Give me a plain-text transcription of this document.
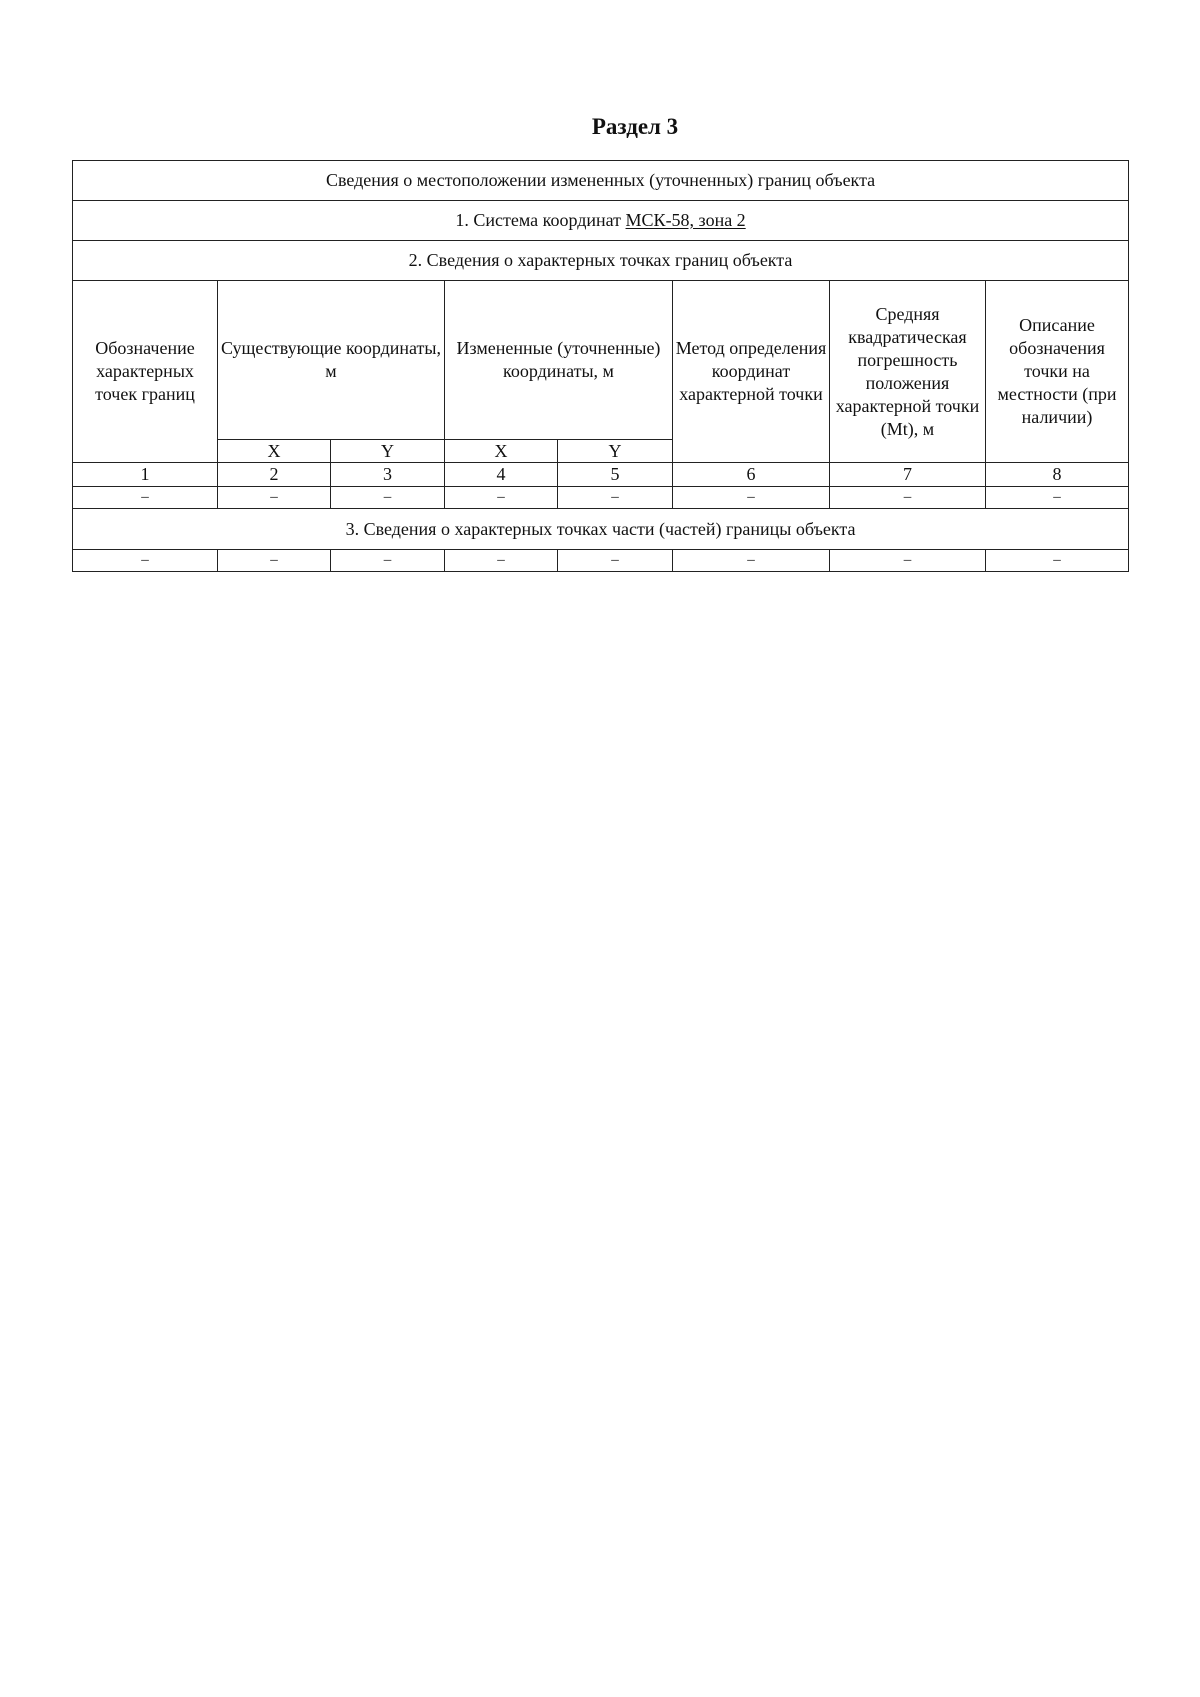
Раздел 3
Сведения о местоположении измененных (уточненных) границ объекта							
1. Система координат МСК-58, зона 2							
2. Сведения о характерных точках границ объекта							
Обозначение характерных точек границ	Существующие координаты, м		Измененные (уточненные) координаты, м		Метод определения координат характерной точки	Средняя квадратическая погрешность положения характерной точки (Mt), м	Описание обозначения точки на местности (при наличии)
	X	Y	X	Y			
1	2	3	4	5	6	7	8
–	–	–	–	–	–	–	–
3. Сведения о характерных точках части (частей) границы объекта							
–	–	–	–	–	–	–	–
